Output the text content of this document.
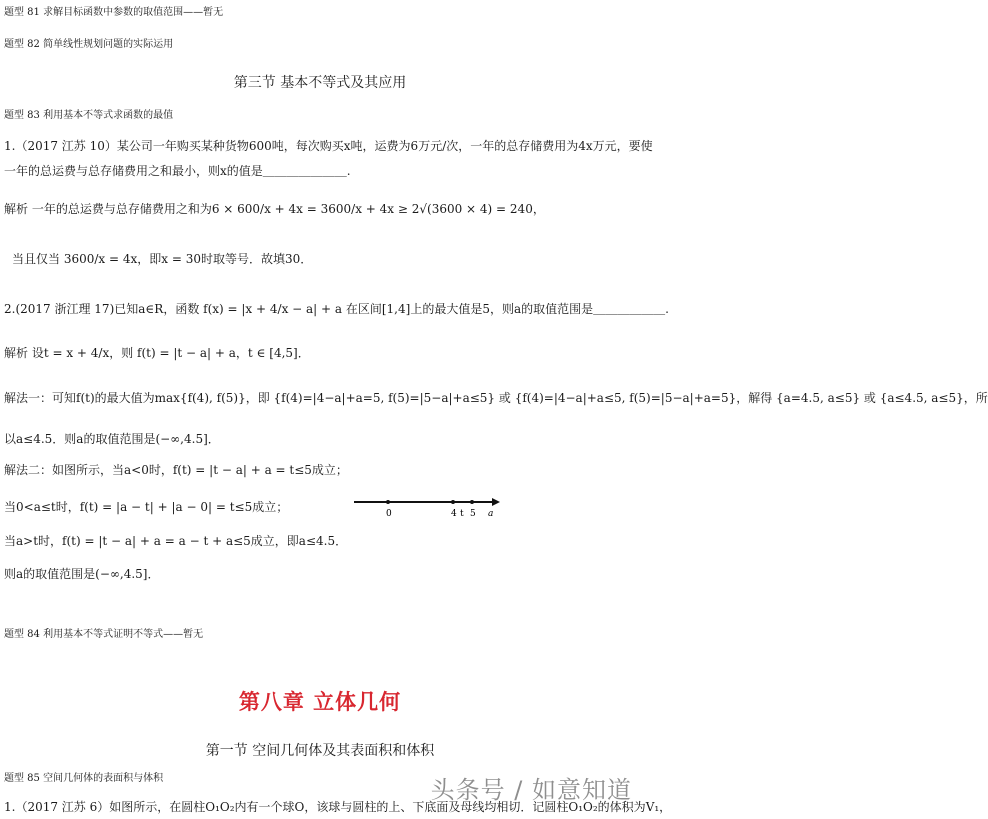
题型 81 求解目标函数中参数的取值范围——暂无
题型 82 简单线性规划问题的实际运用
第三节 基本不等式及其应用
题型 83 利用基本不等式求函数的最值
1.（2017 江苏 10）某公司一年购买某种货物600吨，每次购买x吨，运费为6万元/次，一年的总存储费用为4x万元，要使
一年的总运费与总存储费用之和最小，则x的值是＿＿＿＿＿＿＿.
解析 一年的总运费与总存储费用之和为6 × 600/x + 4x = 3600/x + 4x ≥ 2√(3600 × 4) = 240，
当且仅当 3600/x = 4x，即x = 30时取等号．故填30．
2.(2017 浙江理 17)已知a∈R，函数 f(x) = |x + 4/x − a| + a 在区间[1,4]上的最大值是5，则a的取值范围是＿＿＿＿＿＿.
解析 设t = x + 4/x，则 f(t) = |t − a| + a，t ∈ [4,5]．
解法一：可知f(t)的最大值为max{f(4), f(5)}，即 {f(4)=|4−a|+a=5, f(5)=|5−a|+a≤5} 或 {f(4)=|4−a|+a≤5, f(5)=|5−a|+a=5}，解得 {a=4.5, a≤5} 或 {a≤4.5, a≤5}，所
以a≤4.5．则a的取值范围是(−∞,4.5]．
解法二：如图所示，当a<0时，f(t) = |t − a| + a = t≤5成立；
当0<a≤t时，f(t) = |a − t| + |a − 0| = t≤5成立；	0	4 t 5 a
当a>t时，f(t) = |t − a| + a = a − t + a≤5成立，即a≤4.5．
则a的取值范围是(−∞,4.5]．
题型 84 利用基本不等式证明不等式——暂无
第八章 立体几何
第一节 空间几何体及其表面积和体积
题型 85 空间几何体的表面积与体积
1.（2017 江苏 6）如图所示，在圆柱O₁O₂内有一个球O，该球与圆柱的上、下底面及母线均相切．记圆柱O₁O₂的体积为V₁，
头条号 / 如意知道
